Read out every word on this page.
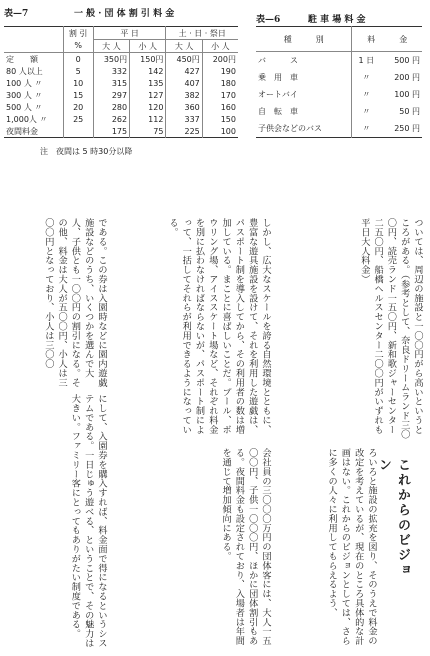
表—7	一 般 · 団 体 割 引 料 金
	割 引	平 日		土 · 日 · 祭日	
	%	大 人	小 人	大 人	小 人
定　　額	0	350円	150円	450円	200円
80 人以上	5	332	142	427	190
100 人 〃	10	315	135	407	180
300 人 〃	15	297	127	382	170
500 人 〃	20	280	120	360	160
1,000人 〃	25	262	112	337	150
夜間料金		175	75	225	100
注　夜間は 5 時30分以降
表—6	駐 車 場 料 金
種　　　別	料　　　金	
バ　　　ス	1 日	500 円
乗　用　車	〃	200 円
オートバイ	〃	100 円
自　転　車	〃	50 円
子供会などのバス	〃	250 円
である。この券は入園時などに園内遊戯施設などのうち、いくつかを選んで大人、子供とも一〇〇円の割引になる。その他、料金は大人が五〇〇円、小人は三〇〇円となっており、小人は三〇〇	しかし、広大なスケールを誇る自然環境とともに、豊富な遊具施設を設けて、それを利用した遊戯は、パスポート制を導入してから、その利用者の数は増加している。まことに喜ばしいことだ。プール、ボウリング場、アイススケート場など、それぞれ料金を別に払わなければならないが、パスポート制によって、一括してそれらが利用できるようになっている。	ついては、周辺の施設と一〇〇円がら高いというところがある。（参考として、奈良ドリームランド三〇〇円、読売ランド一五〇円、新和歌ジャーセンター二五〇円、船橋ヘルスセンター二〇〇円がいずれも平日大人料金）
にして、入園券を購入すれば、料金面で得になるというシステムである。一日じゅう遊べる、ということで、その魅力は大きい。ファミリー客にとってもありがたい制度である。	会社員の三〇〇〇万円の団体客には、大人一五〇〇円、子供一〇〇〇円、ほかに団体割引もある。夜間料金も設定されており、入場者は年間を通じて増加傾向にある。	ろいろと施設の拡充を図り、そのうえで料金の改定を考えているが、現在のところ具体的な計画はない。これからのビジョンとしては、さらに多くの人々に利用してもらえるよう、	これからのビジョン
